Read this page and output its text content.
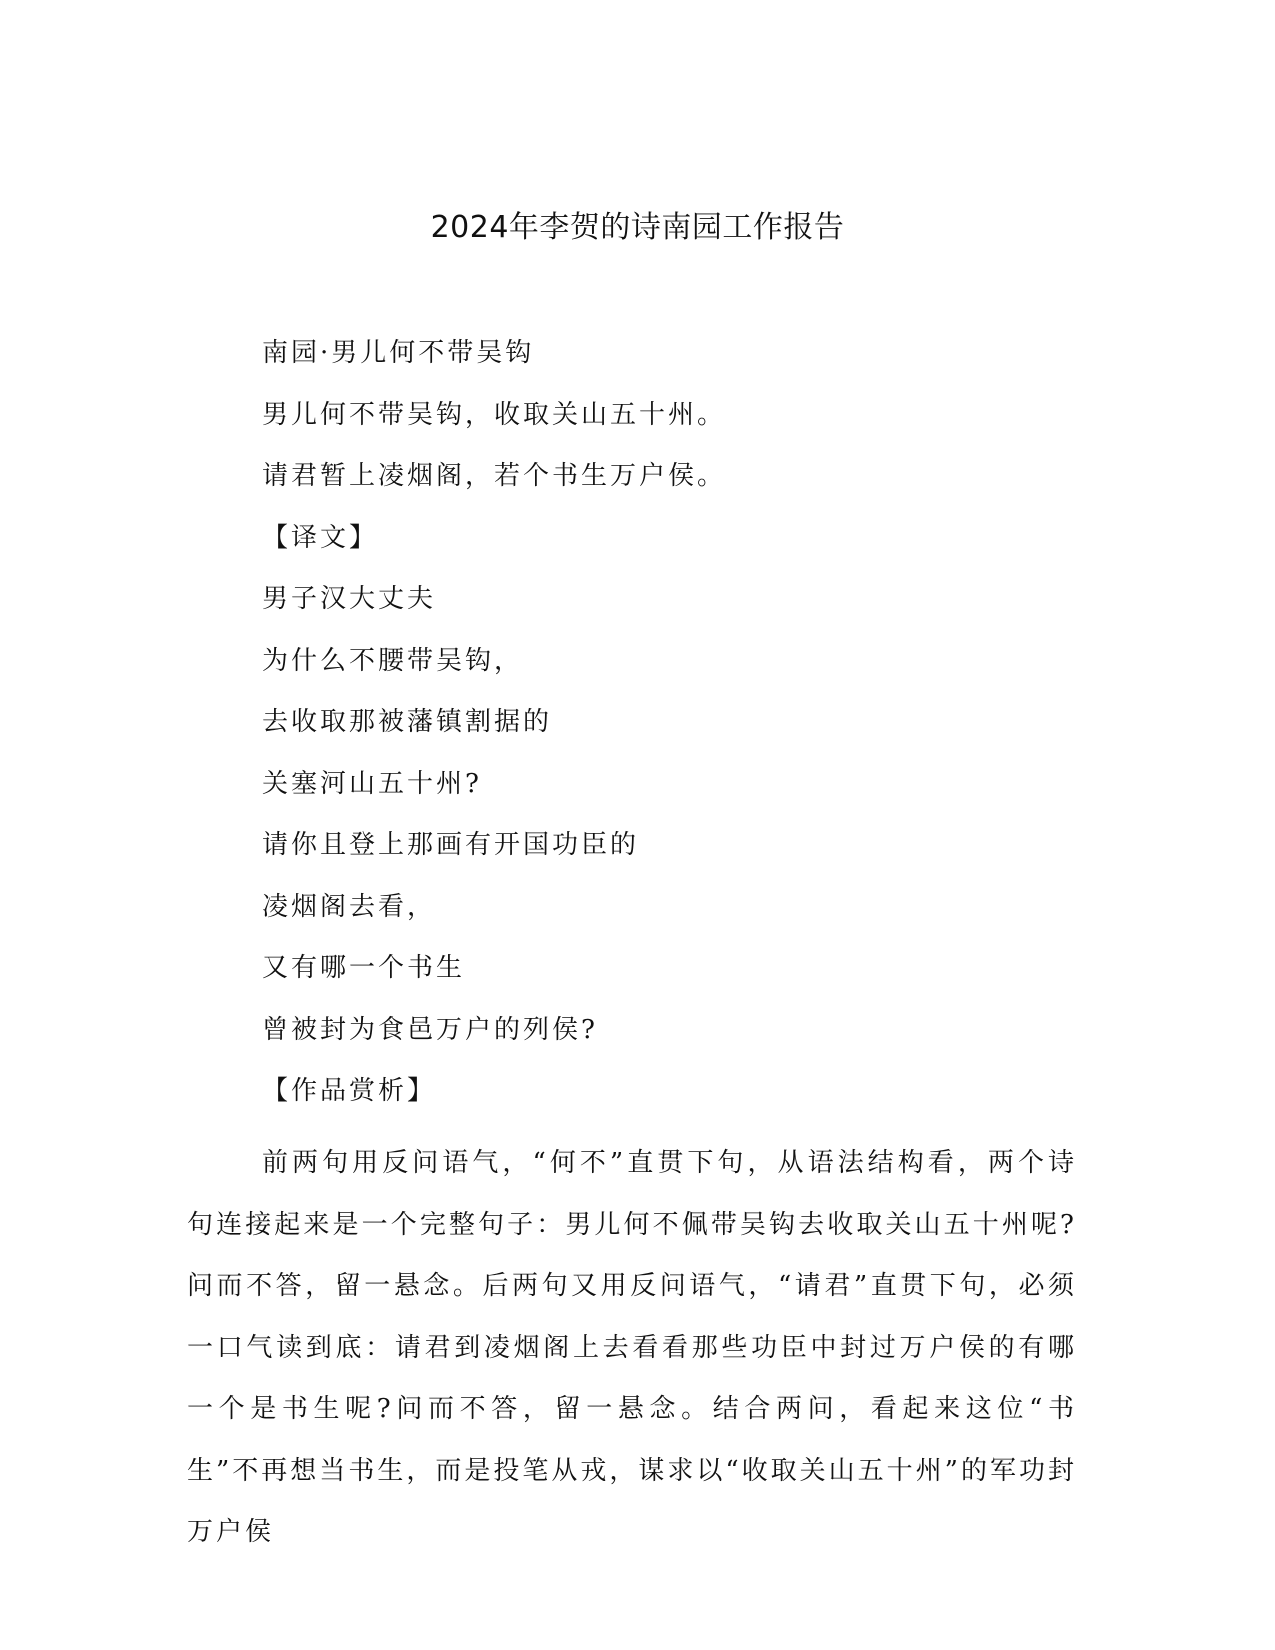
2024年李贺的诗南园工作报告
南园·男儿何不带吴钩
男儿何不带吴钩，收取关山五十州。
请君暂上凌烟阁，若个书生万户侯。
【译文】
男子汉大丈夫
为什么不腰带吴钩，
去收取那被藩镇割据的
关塞河山五十州?
请你且登上那画有开国功臣的
凌烟阁去看，
又有哪一个书生
曾被封为食邑万户的列侯?
【作品赏析】

前两句用反问语气，“何不”直贯下句，从语法结构看，两个诗句连接起来是一个完整句子：男儿何不佩带吴钩去收取关山五十州呢?问而不答，留一悬念。后两句又用反问语气，“请君”直贯下句，必须一口气读到底：请君到凌烟阁上去看看那些功臣中封过万户侯的有哪一个是书生呢?问而不答，留一悬念。结合两问，看起来这位“书生”不再想当书生，而是投笔从戎，谋求以“收取关山五十州”的军功封万户侯
